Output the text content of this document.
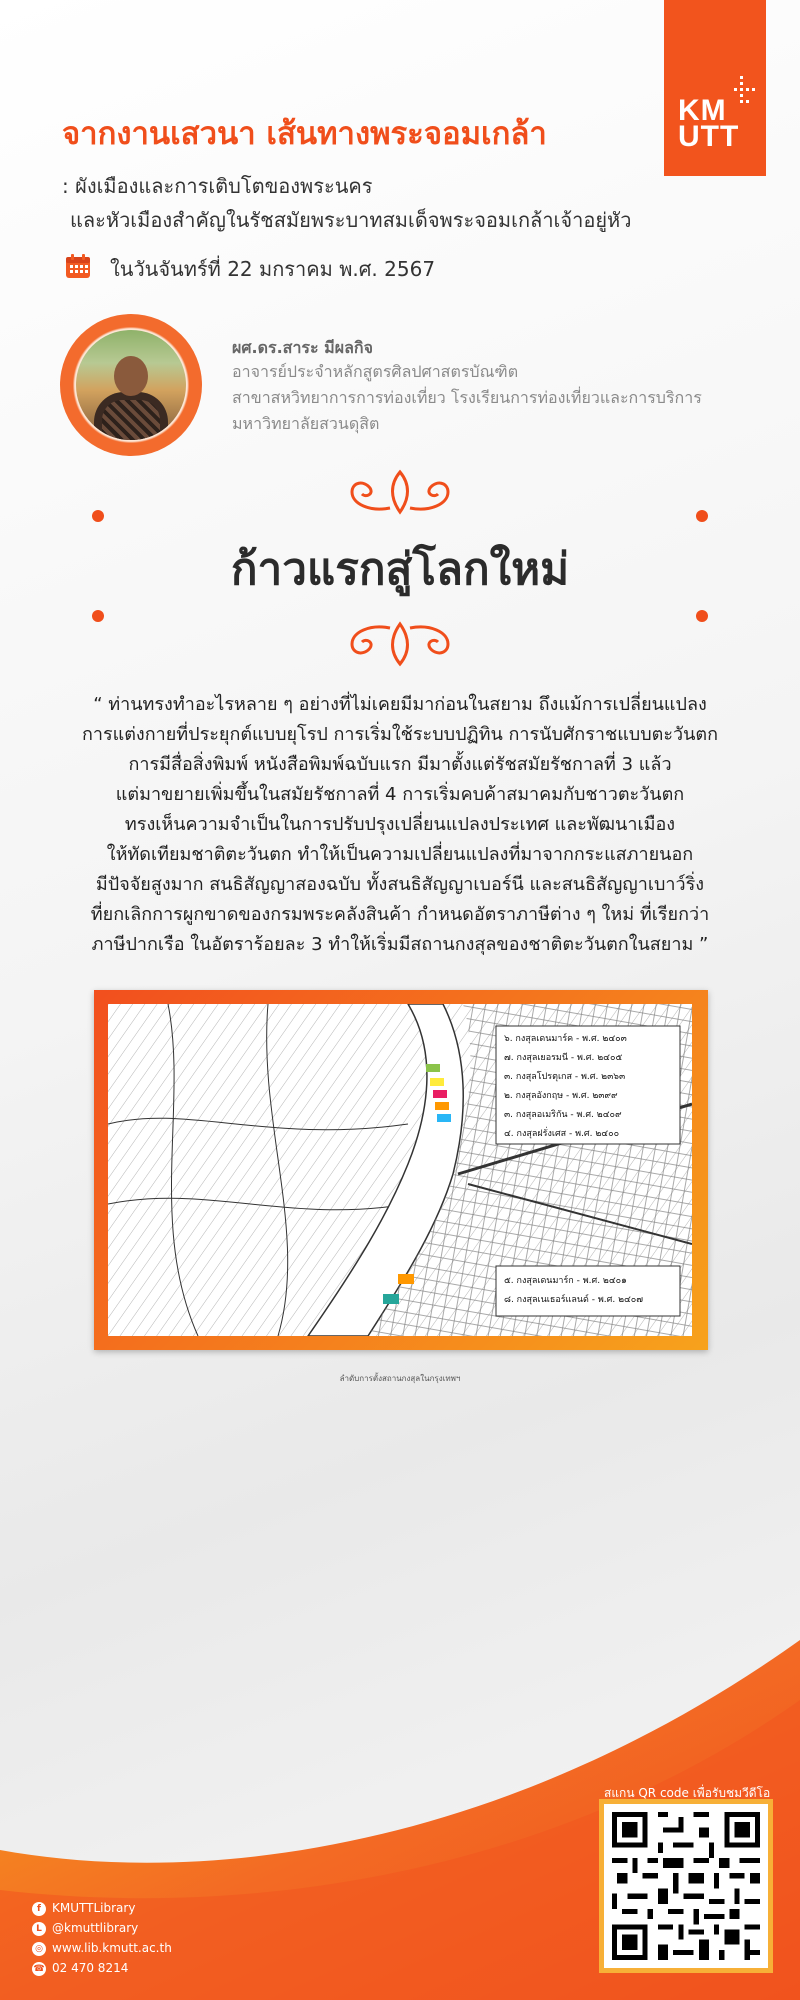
KM
UTT
จากงานเสวนา เส้นทางพระจอมเกล้า
: ผังเมืองและการเติบโตของพระนคร
และหัวเมืองสำคัญในรัชสมัยพระบาทสมเด็จพระจอมเกล้าเจ้าอยู่หัว
ในวันจันทร์ที่ 22 มกราคม พ.ศ. 2567
ผศ.ดร.สาระ มีผลกิจ
อาจารย์ประจำหลักสูตรศิลปศาสตรบัณฑิต
สาขาสหวิทยาการการท่องเที่ยว โรงเรียนการท่องเที่ยวและการบริการ
มหาวิทยาลัยสวนดุสิต
ก้าวแรกสู่โลกใหม่
“ ท่านทรงทำอะไรหลาย ๆ อย่างที่ไม่เคยมีมาก่อนในสยาม ถึงแม้การเปลี่ยนแปลง
การแต่งกายที่ประยุกต์แบบยุโรป การเริ่มใช้ระบบปฏิทิน การนับศักราชแบบตะวันตก
การมีสื่อสิ่งพิมพ์ หนังสือพิมพ์ฉบับแรก มีมาตั้งแต่รัชสมัยรัชกาลที่ 3 แล้ว
แต่มาขยายเพิ่มขึ้นในสมัยรัชกาลที่ 4 การเริ่มคบค้าสมาคมกับชาวตะวันตก
ทรงเห็นความจำเป็นในการปรับปรุงเปลี่ยนแปลงประเทศ และพัฒนาเมือง
ให้ทัดเทียมชาติตะวันตก ทำให้เป็นความเปลี่ยนแปลงที่มาจากกระแสภายนอก
มีปัจจัยสูงมาก สนธิสัญญาสองฉบับ ทั้งสนธิสัญญาเบอร์นี และสนธิสัญญาเบาว์ริ่ง
ที่ยกเลิกการผูกขาดของกรมพระคลังสินค้า กำหนดอัตราภาษีต่าง ๆ ใหม่ ที่เรียกว่า
ภาษีปากเรือ ในอัตราร้อยละ 3 ทำให้เริ่มมีสถานกงสุลของชาติตะวันตกในสยาม ”
๖. กงสุลเดนมาร์ค - พ.ศ. ๒๔๐๓
๗. กงสุลเยอรมนี - พ.ศ. ๒๔๐๕
๓. กงสุลโปรตุเกส - พ.ศ. ๒๓๖๓
๒. กงสุลอังกฤษ - พ.ศ. ๒๓๙๙
๓. กงสุลอเมริกัน - พ.ศ. ๒๔๐๙
๔. กงสุลฝรั่งเศส - พ.ศ. ๒๔๐๐
๕. กงสุลเดนมาร์ก - พ.ศ. ๒๔๐๑
๘. กงสุลเนเธอร์แลนด์ - พ.ศ. ๒๔๐๗
ลำดับการตั้งสถานกงสุลในกรุงเทพฯ
สแกน QR code เพื่อรับชมวีดีโอ
f KMUTTLibrary
L @kmuttlibrary
◎ www.lib.kmutt.ac.th
☎ 02 470 8214
